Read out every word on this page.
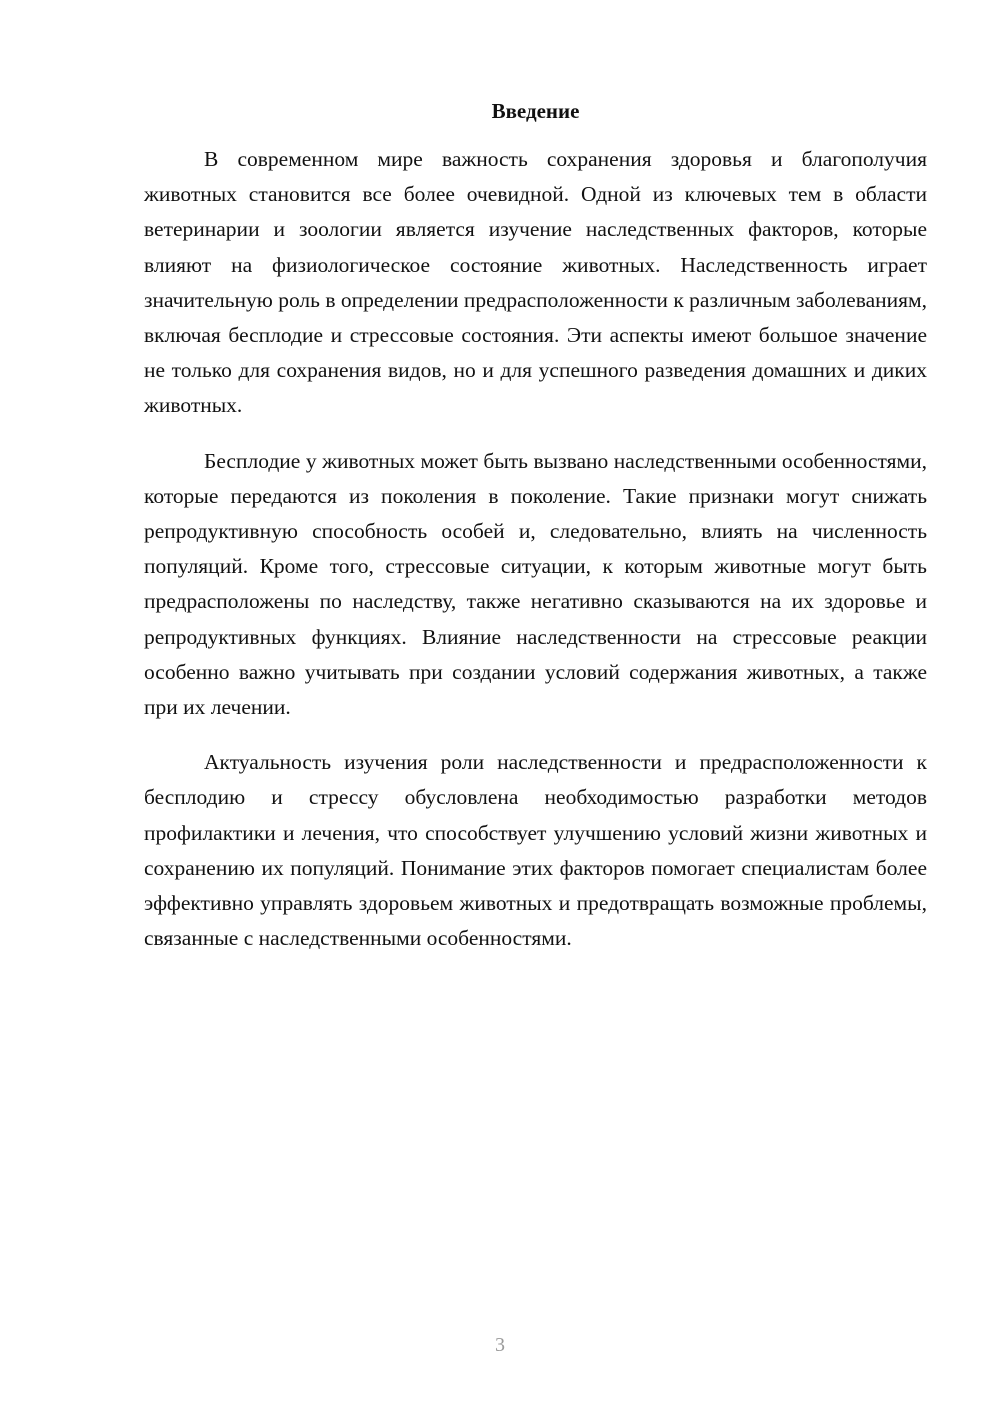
Введение

В современном мире важность сохранения здоровья и благополучия животных становится все более очевидной. Одной из ключевых тем в области ветеринарии и зоологии является изучение наследственных факторов, которые влияют на физиологическое состояние животных. Наследственность играет значительную роль в определении предрасположенности к различным заболеваниям, включая бесплодие и стрессовые состояния. Эти аспекты имеют большое значение не только для сохранения видов, но и для успешного разведения домашних и диких животных.

Бесплодие у животных может быть вызвано наследственными особенностями, которые передаются из поколения в поколение. Такие признаки могут снижать репродуктивную способность особей и, следовательно, влиять на численность популяций. Кроме того, стрессовые ситуации, к которым животные могут быть предрасположены по наследству, также негативно сказываются на их здоровье и репродуктивных функциях. Влияние наследственности на стрессовые реакции особенно важно учитывать при создании условий содержания животных, а также при их лечении.

Актуальность изучения роли наследственности и предрасположенности к бесплодию и стрессу обусловлена необходимостью разработки методов профилактики и лечения, что способствует улучшению условий жизни животных и сохранению их популяций. Понимание этих факторов помогает специалистам более эффективно управлять здоровьем животных и предотвращать возможные проблемы, связанные с наследственными особенностями.

3
